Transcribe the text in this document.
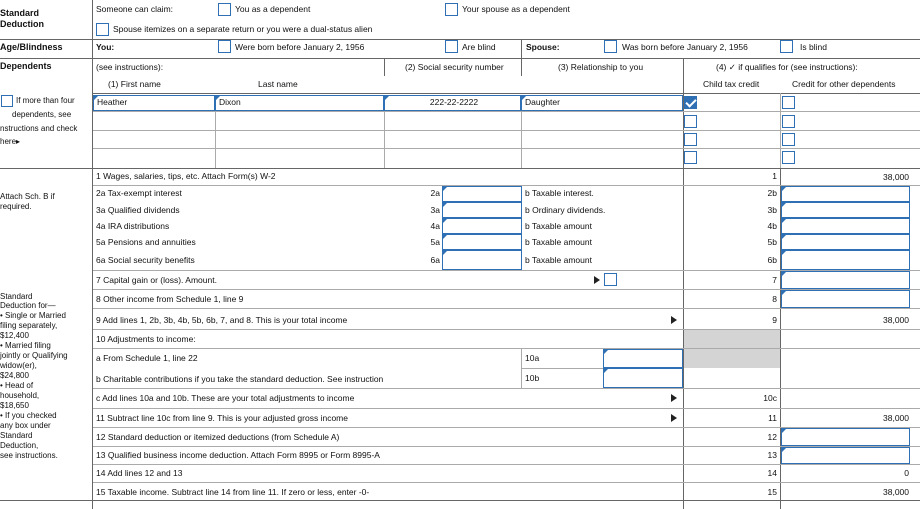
Standard Deduction
Someone can claim:	You as a dependent	Your spouse as a dependent
Spouse itemizes on a separate return or you were a dual-status alien
Age/Blindness	You:	Were born before January 2, 1956	Are blind	Spouse:	Was born before January 2, 1956	Is blind
Dependents	(see instructions):
(1) First name	Last name
(2) Social security number	(3) Relationship to you	(4) ✓ if qualifies for (see instructions):
Child tax credit	Credit for other dependents
If more than four
dependents, see
nstructions and check
here▸
Heather	Dixon	222-22-2222	Daughter
Attach Sch. B if
required.
1 Wages, salaries, tips, etc. Attach Form(s) W-2	1	38,000
2a Tax-exempt interest	2a	b Taxable interest.	2b
3a Qualified dividends	3a	b Ordinary dividends.	3b
4a IRA distributions	4a	b Taxable amount	4b
5a Pensions and annuities	5a	b Taxable amount	5b
6a Social security benefits	6a	b Taxable amount	6b
7 Capital gain or (loss). Amount.	7
8 Other income from Schedule 1, line 9	8
9 Add lines 1, 2b, 3b, 4b, 5b, 6b, 7, and 8. This is your total income	9	38,000
10 Adjustments to income:
a From Schedule 1, line 22	10a
b Charitable contributions if you take the standard deduction. See instruction	10b
c Add lines 10a and 10b. These are your total adjustments to income	10c
11 Subtract line 10c from line 9. This is your adjusted gross income	11	38,000
12 Standard deduction or itemized deductions (from Schedule A)	12
13 Qualified business income deduction. Attach Form 8995 or Form 8995-A	13
14 Add lines 12 and 13	14	0
15 Taxable income. Subtract line 14 from line 11. If zero or less, enter -0-	15	38,000
Standard
Deduction for—
• Single or Married
filing separately,
$12,400
• Married filing
jointly or Qualifying
widow(er),
$24,800
• Head of
household,
$18,650
• If you checked
any box under
Standard
Deduction,
see instructions.
